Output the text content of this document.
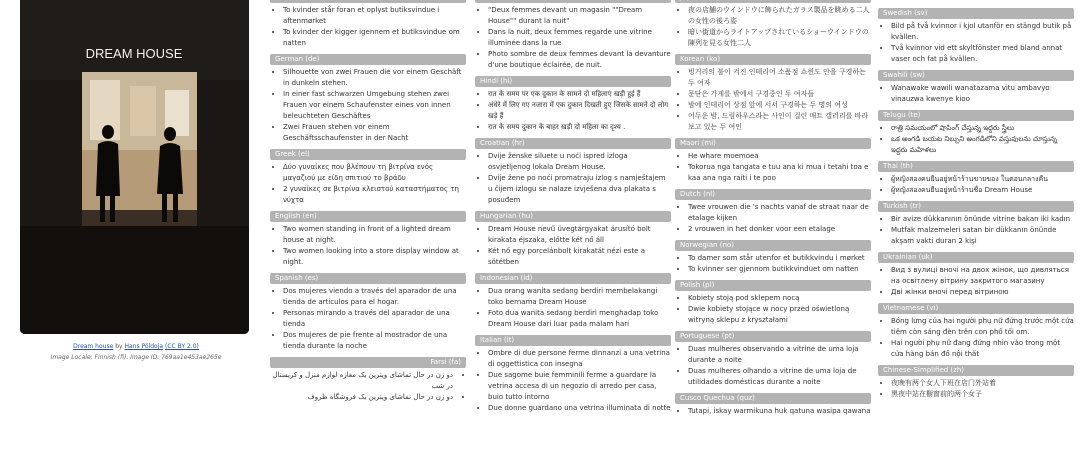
DREAM HOUSE
Dream house by Hans Pöldoja (CC BY 2.0)
Image Locale: Finnish (fi). Image ID: 769aa1e453ae265e
• To kvinder står foran et oplyst butiksvindue i aftenmørket
• To kvinder der kigger igennem et butiksvindue om natten
German (de)
• Silhouette von zwei Frauen die vor einem Geschäft in dunkeln stehen.
• In einer fast schwarzen Umgebung stehen zwei Frauen vor einem Schaufenster eines von innen beleuchteten Geschäftes
• Zwei Frauen stehen vor einem Geschäftsschaufenster in der Nacht
Greek (el)
• Δύο γυναίκες που βλέπουν τη βιτρίνα ενός μαγαζιού με είδη σπιτιού το βράδυ
• 2 γυναίκες σε βιτρίνα κλειστού καταστήματος τη νύχτα
English (en)
• Two women standing in front of a lighted dream house at night.
• Two women looking into a store display window at night.
Spanish (es)
• Dos mujeres viendo a través del aparador de una tienda de artículos para el hogar.
• Personas mirando a través del aparador de una tienda
• Dos mujeres de pie frente al mostrador de una tienda durante la noche
Farsi (fa)
• دو زن در حال تماشای ویترین یک مغازه لوازم منزل و کریستال در شب
• دو زن در حال تماشای ویترین یک فروشگاه ظروف
• "Deux femmes devant un magasin ""Dream House"" durant la nuit"
• Dans la nuit, deux femmes regarde une vitrine illuminée dans la rue
• Photo sombre de deux femmes devant la devanture d'une boutique éclairée, de nuit.
Hindi (hi)
• रात के समय पर एक दुकान के सामने दो महिलाएं खड़ी हुई हैं
• अंधेरे में लिए गए नजारा में एक दुकान दिखती हुए जिसके सामने दो लोग खड़े हैं
• रात के समय दुकान के बाहर खड़ी दो महिला का दृश्य .
Croatian (hr)
• Dvije ženske siluete u noći ispred izloga osvjetljenog lokala Dream House.
• Dvije žene po noći promatraju izlog s namještajem u čijem izlogu se nalaze izvješena dva plakata s posuđem
Hungarian (hu)
• Dream House nevű üvegtárgyakat árusító bolt kirakata éjszaka, előtte két nő áll
• Két nő egy porcelánbolt kirakatát nézi este a sötétben
Indonesian (id)
• Dua orang wanita sedang berdiri membelakangi toko bernama Dream House
• Foto dua wanita sedang berdiri menghadap toko Dream House dari luar pada malam hari
Italian (it)
• Ombre di due persone ferme dinnanzi a una vetrina di oggettistica con insegna
• Due sagome buie femminili ferme a guardare la vetrina accesa di un negozio di arredo per casa, buio tutto intorno
• Due donne guardano una vetrina illuminata di notte
• 夜の店舗のウインドウに飾られたガラス製品を眺める二人の女性の後ろ姿
• 暗い街道からライトアップされているショーウインドウの陳列を見る女性二人
Korean (ko)
• 빙거리의 불이 켜진 인테리어 소품점 쇼윈도 안을 구경하는 두 여자
• 문닫은 가게를 밖에서 구경중인 두 여자들
• 밤에 인테리어 상점 앞에 서서 구경하는 두 명의 여성
• 어두운 밤, 드림하우스라는 사인이 걸린 매트 갤러리를 바라보고 있는 두 여인
Maori (mi)
• He whare moemoea
• Tokorua nga tangata e tuu ana ki mua i tetahi toa e kaa ana nga raiti i te poo
Dutch (nl)
• Twee vrouwen die 's nachts vanaf de straat naar de etalage kijken
• 2 vrouwen in het donker voor een etalage
Norwegian (no)
• To damer som står utenfor et butikkvindu i mørket
• To kvinner ser gjennom butikkvinduet om natten
Polish (pl)
• Kobiety stoją pod sklepem nocą
• Dwie kobiety stojące w nocy przed oświetloną witryną sklepu z kryształami
Portuguese (pt)
• Duas mulheres observando a vitrine de uma loja durante a noite
• Duas mulheres olhando a vitrine de uma loja de utilidades domésticas durante a noite
Cusco Quechua (quz)
• Tutapi, iskay warmikuna huk qatuna wasipa qawana
•
Swedish (sv)
• Bild på två kvinnor i kjol utanför en stängd butik på kvällen.
• Två kvinnor vid ett skyltfönster med bland annat vaser och fat på kvällen.
Swahili (sw)
• Wanawake wawili wanatazama vitu ambavyo vinauzwa kwenye kioo
Telugu (te)
• రాత్రి సమయంలో షాపింగ్ చేస్తున్న ఇద్దరు స్త్రీలు
• ఒక అంగడి బయట నిల్చుని అంగడిలోని వస్తువులను చూస్తున్న ఇద్దరు మహిళలు
Thai (th)
• ผู้หญิงสองคนยืนอยู่หน้าร้านขายของ ในตอนกลางคืน
• ผู้หญิงสองคนยืนอยู่หน้าร้านชื่อ Dream House
Turkish (tr)
• Bir avize dükkanının önünde vitrine bakan iki kadın
• Mutfak malzemeleri satan bir dükkanın önünde akşam vakti duran 2 kişi
Ukrainian (uk)
• Вид з вулиці вночі на двох жінок, що дивляться на освітлену вітрину закритого магазину
• Дві жінки вночі перед вітриною
Vietnamese (vi)
• Bóng lưng của hai người phụ nữ đứng trước một cửa tiệm còn sáng đèn trên con phố tối om.
• Hai người phụ nữ đang đứng nhìn vào trong một cửa hàng bán đồ nội thất
Chinese-Simplified (zh)
• 夜晚有两个女人下班在店门外站着
• 黑夜中站在橱窗前的两个女子
